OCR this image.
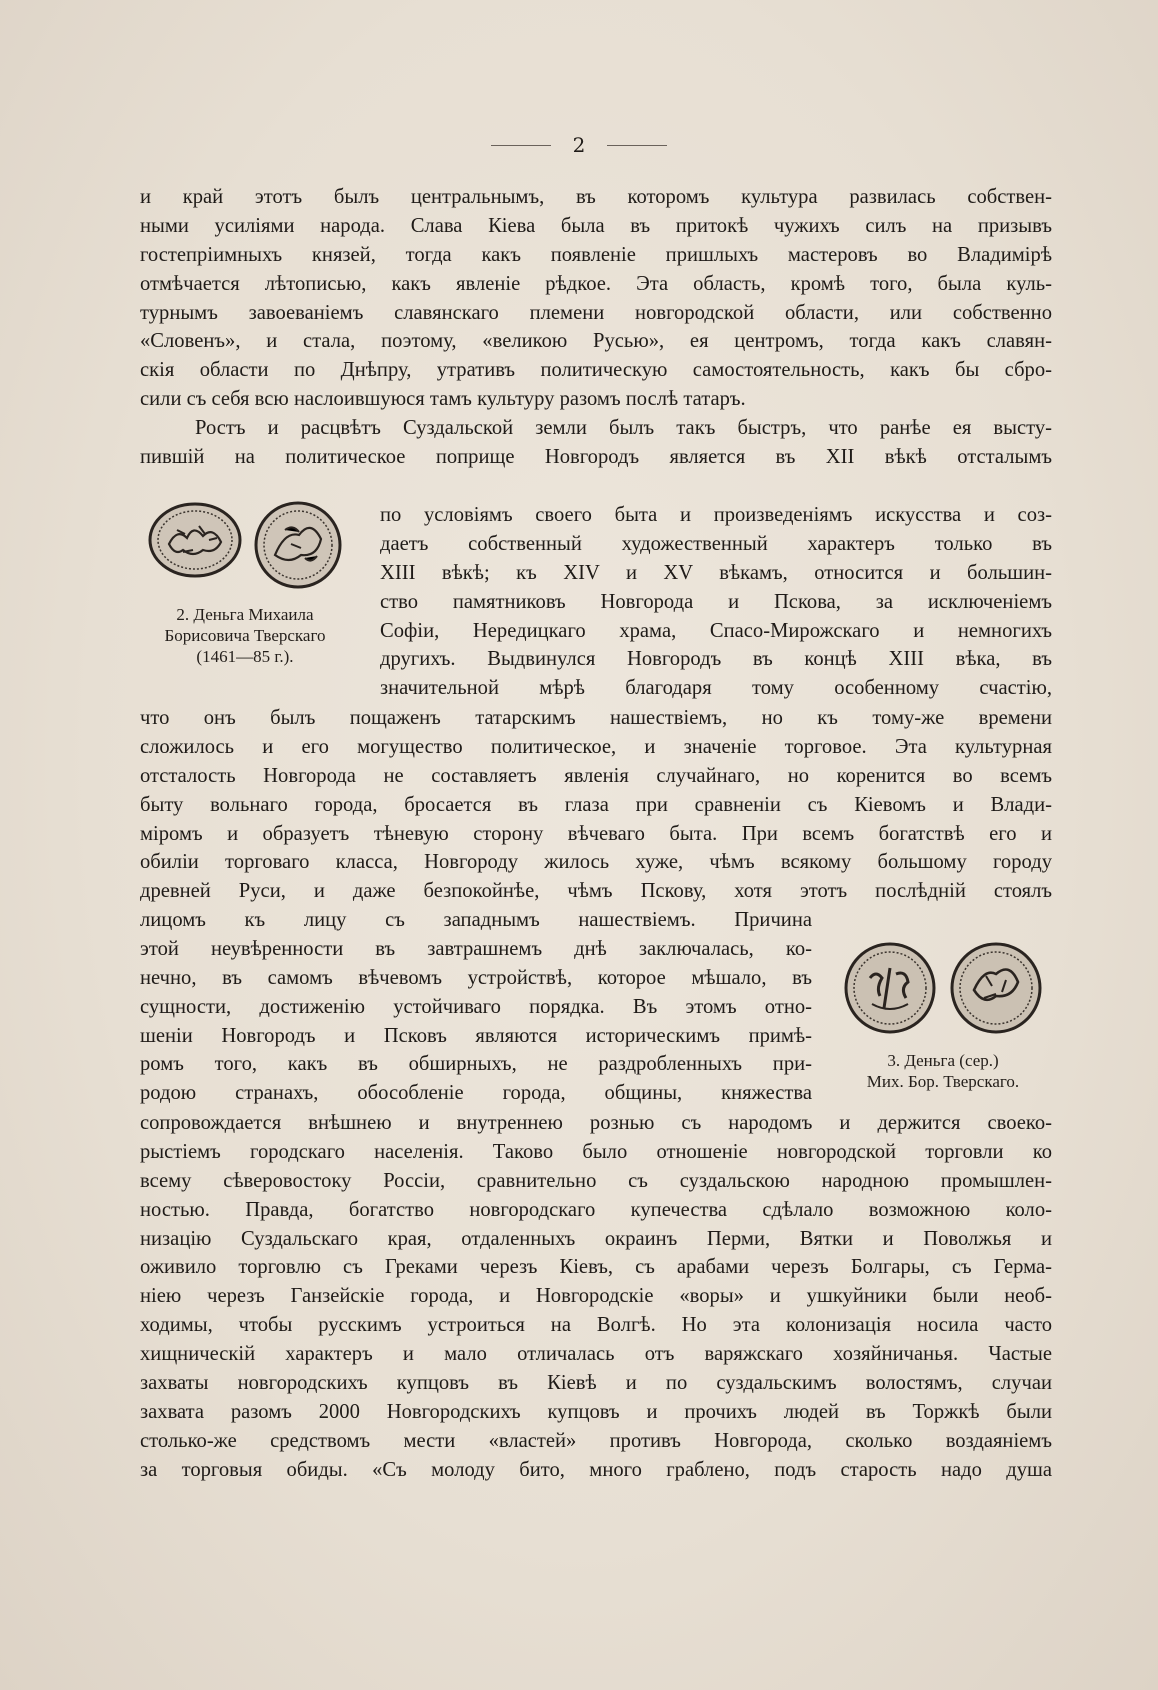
2
и край этотъ былъ центральнымъ, въ которомъ культура развилась собствен-
ными усиліями народа. Слава Кіева была въ притокѣ чужихъ силъ на призывъ
гостепріимныхъ князей, тогда какъ появленіе пришлыхъ мастеровъ во Владимірѣ
отмѣчается лѣтописью, какъ явленіе рѣдкое. Эта область, кромѣ того, была куль-
турнымъ завоеваніемъ славянскаго племени новгородской области, или собственно
«Словенъ», и стала, поэтому, «великою Русью», ея центромъ, тогда какъ славян-
скія области по Днѣпру, утративъ политическую самостоятельность, какъ бы сбро-
сили съ себя всю наслоившуюся тамъ культуру разомъ послѣ татаръ.
Ростъ и расцвѣтъ Суздальской земли былъ такъ быстръ, что ранѣе ея высту-
пившій на политическое поприще Новгородъ является въ XII вѣкѣ отсталымъ
2. Деньга Михаила
Борисовича Тверскаго
(1461—85 г.).
по условіямъ своего быта и произведеніямъ искусства и соз-
даетъ собственный художественный характеръ только въ
XIII вѣкѣ; къ XIV и XV вѣкамъ, относится и большин-
ство памятниковъ Новгорода и Пскова, за исключеніемъ
Софіи, Нередицкаго храма, Спасо-Мирожскаго и немногихъ
другихъ. Выдвинулся Новгородъ въ концѣ XIII вѣка, въ
значительной мѣрѣ благодаря тому особенному счастію,
что онъ былъ пощаженъ татарскимъ нашествіемъ, но къ тому-же времени
сложилось и его могущество политическое, и значеніе торговое. Эта культурная
отсталость Новгорода не составляетъ явленія случайнаго, но коренится во всемъ
быту вольнаго города, бросается въ глаза при сравненіи съ Кіевомъ и Влади-
міромъ и образуетъ тѣневую сторону вѣчеваго быта. При всемъ богатствѣ его и
обиліи торговаго класса, Новгороду жилось хуже, чѣмъ всякому большому городу
древней Руси, и даже безпокойнѣе, чѣмъ Пскову, хотя этотъ послѣдній стоялъ
лицомъ къ лицу съ западнымъ нашествіемъ. Причина
этой неувѣренности въ завтрашнемъ днѣ заключалась, ко-
нечно, въ самомъ вѣчевомъ устройствѣ, которое мѣшало, въ
сущности, достиженію устойчиваго порядка. Въ этомъ отно-
шеніи Новгородъ и Псковъ являются историческимъ примѣ-
ромъ того, какъ въ обширныхъ, не раздробленныхъ при-
родою странахъ, обособленіе города, общины, княжества
3. Деньга (сер.)
Мих. Бор. Тверскаго.
сопровождается внѣшнею и внутреннею рознью съ народомъ и держится своеко-
рыстіемъ городскаго населенія. Таково было отношеніе новгородской торговли ко
всему сѣверовостоку Россіи, сравнительно съ суздальскою народною промышлен-
ностью. Правда, богатство новгородскаго купечества сдѣлало возможною коло-
низацію Суздальскаго края, отдаленныхъ окраинъ Перми, Вятки и Поволжья и
оживило торговлю съ Греками черезъ Кіевъ, съ арабами черезъ Болгары, съ Герма-
ніею черезъ Ганзейскіе города, и Новгородскіе «воры» и ушкуйники были необ-
ходимы, чтобы русскимъ устроиться на Волгѣ. Но эта колонизація носила часто
хищническій характеръ и мало отличалась отъ варяжскаго хозяйничанья. Частые
захваты новгородскихъ купцовъ въ Кіевѣ и по суздальскимъ волостямъ, случаи
захвата разомъ 2000 Новгородскихъ купцовъ и прочихъ людей въ Торжкѣ были
столько-же средствомъ мести «властей» противъ Новгорода, сколько воздаяніемъ
за торговыя обиды. «Съ молоду бито, много граблено, подъ старость надо душа
